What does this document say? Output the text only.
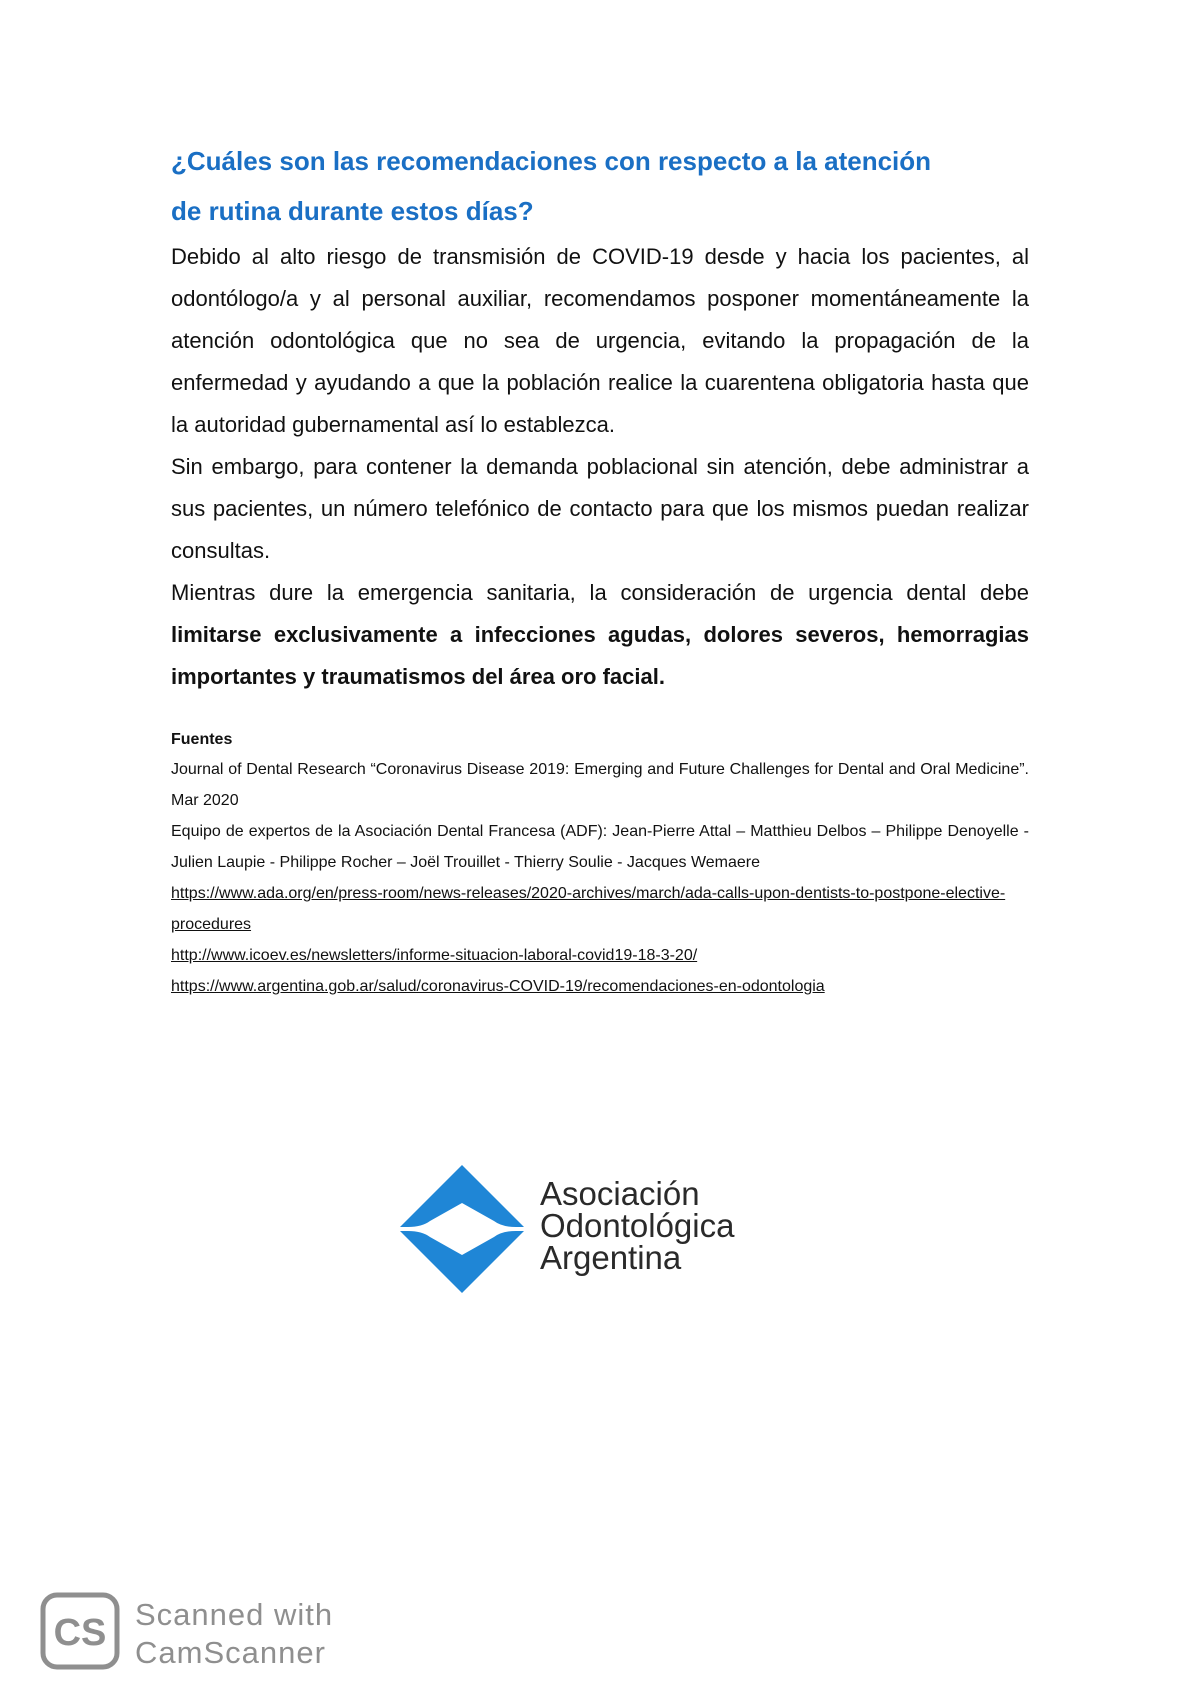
¿Cuáles son las recomendaciones con respecto a la atención
de rutina durante estos días?

Debido al alto riesgo de transmisión de COVID-19 desde y hacia los pacientes, al odontólogo/a y al personal auxiliar, recomendamos posponer momentáneamente la atención odontológica que no sea de urgencia, evitando la propagación de la enfermedad y ayudando a que la población realice la cuarentena obligatoria hasta que la autoridad gubernamental así lo establezca.

Sin embargo, para contener la demanda poblacional sin atención, debe administrar a sus pacientes, un número telefónico de contacto para que los mismos puedan realizar consultas.

Mientras dure la emergencia sanitaria, la consideración de urgencia dental debe limitarse exclusivamente a infecciones agudas, dolores severos, hemorragias importantes y traumatismos del área oro facial.

Fuentes

Journal of Dental Research “Coronavirus Disease 2019: Emerging and Future Challenges for Dental and Oral Medicine”. Mar 2020

Equipo de expertos de la Asociación Dental Francesa (ADF): Jean-Pierre Attal – Matthieu Delbos – Philippe Denoyelle - Julien Laupie - Philippe Rocher – Joël Trouillet - Thierry Soulie - Jacques Wemaere

https://www.ada.org/en/press-room/news-releases/2020-archives/march/ada-calls-upon-dentists-to-postpone-elective-procedures

http://www.icoev.es/newsletters/informe-situacion-laboral-covid19-18-3-20/

https://www.argentina.gob.ar/salud/coronavirus-COVID-19/recomendaciones-en-odontologia

Asociación
Odontológica
Argentina
CS Scanned with
CamScanner
